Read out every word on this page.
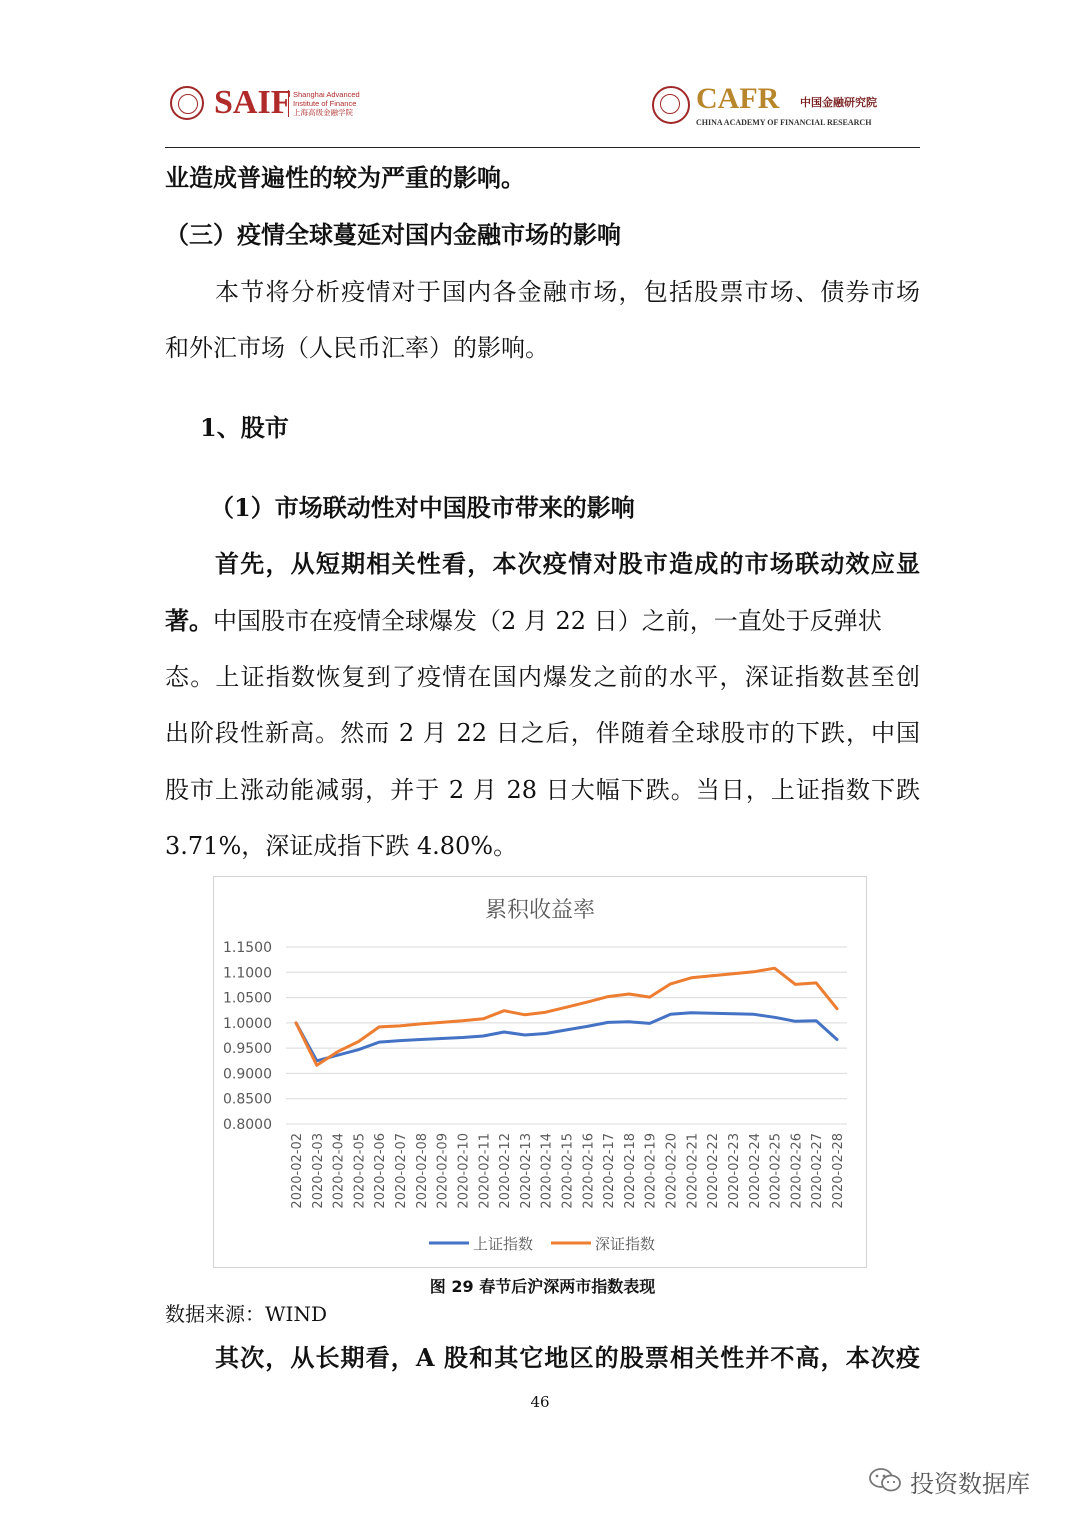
SAIF Shanghai Advanced
Institute of Finance
上海高级金融学院	CAFR 中国金融研究院
CHINA ACADEMY OF FINANCIAL RESEARCH
业造成普遍性的较为严重的影响。
（三）疫情全球蔓延对国内金融市场的影响
本节将分析疫情对于国内各金融市场，包括股票市场、债券市场
和外汇市场（人民币汇率）的影响。
1、股市
（1）市场联动性对中国股市带来的影响
首先，从短期相关性看，本次疫情对股市造成的市场联动效应显
著。中国股市在疫情全球爆发（2 月 22 日）之前，一直处于反弹状
态。上证指数恢复到了疫情在国内爆发之前的水平，深证指数甚至创
出阶段性新高。然而 2 月 22 日之后，伴随着全球股市的下跌，中国
股市上涨动能减弱，并于 2 月 28 日大幅下跌。当日，上证指数下跌
3.71%，深证成指下跌 4.80%。
累积收益率
0.8000
0.8500
0.9000
0.9500
1.0000
1.0500
1.1000
1.1500
2020-02-02 2020-02-03 2020-02-04 2020-02-05 2020-02-06 2020-02-07 2020-02-08 2020-02-09 2020-02-10 2020-02-11 2020-02-12 2020-02-13 2020-02-14 2020-02-15 2020-02-16 2020-02-17 2020-02-18 2020-02-19 2020-02-20 2020-02-21 2020-02-22 2020-02-23 2020-02-24 2020-02-25 2020-02-26 2020-02-27 2020-02-28
上证指数	深证指数
图 29 春节后沪深两市指数表现
数据来源：WIND
其次，从长期看，A 股和其它地区的股票相关性并不高，本次疫
46
投资数据库
